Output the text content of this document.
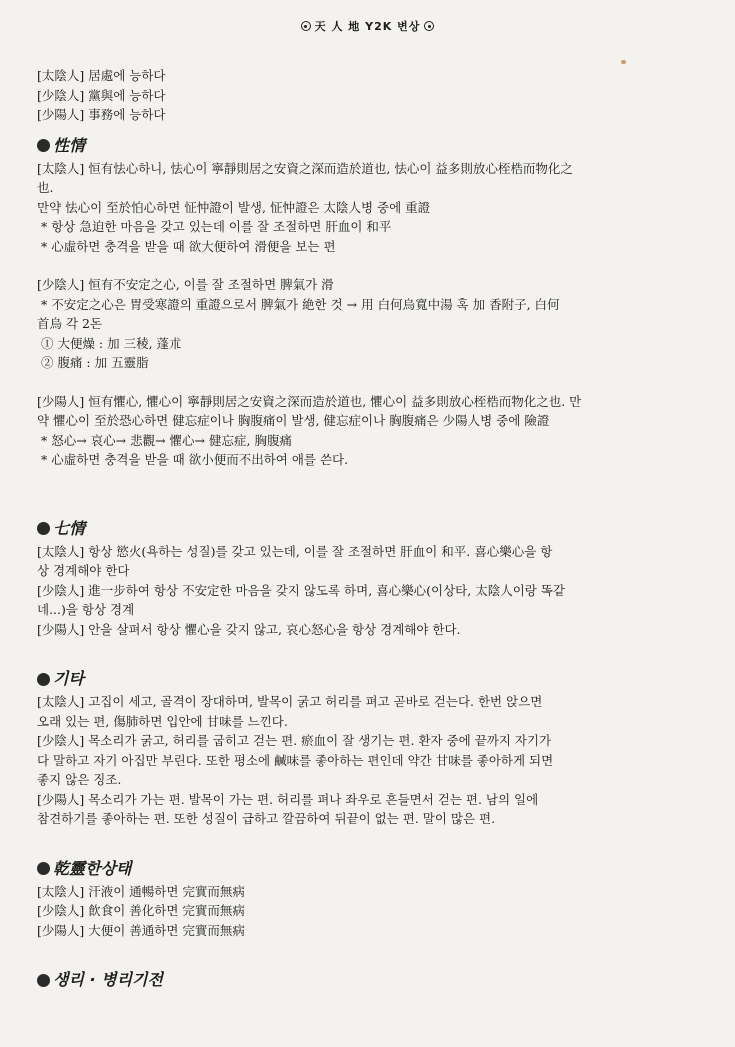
天 人 地 Y2K 변상
[太陰人] 居處에 능하다
[少陰人] 黨與에 능하다
[少陽人] 事務에 능하다
性情
[太陰人] 恒有怯心하니, 怯心이 寧靜則居之安資之深而造於道也, 怯心이 益多則放心桎梏而物化之
也.
만약 怯心이 至於怕心하면 怔忡證이 발생, 怔忡證은 太陰人병 중에 重證
* 항상 急迫한 마음을 갖고 있는데 이를 잘 조절하면 肝血이 和平
* 心虛하면 충격을 받을 때 欲大便하여 滑便을 보는 편
[少陰人] 恒有不安定之心, 이를 잘 조절하면 脾氣가 滑
* 不安定之心은 胃受寒證의 重證으로서 脾氣가 絶한 것 → 用 白何烏寬中湯 혹 加 香附子, 白何
首烏 각 2돈
① 大便燥 : 加 三稜, 蓬朮
② 腹痛 : 加 五靈脂
[少陽人] 恒有懼心, 懼心이 寧靜則居之安資之深而造於道也, 懼心이 益多則放心桎梏而物化之也. 만
약 懼心이 至於恐心하면 健忘症이나 胸腹痛이 발생, 健忘症이나 胸腹痛은 少陽人병 중에 險證
* 怒心→ 哀心→ 悲觀→ 懼心→ 健忘症, 胸腹痛
* 心虛하면 충격을 받을 때 欲小便而不出하여 애를 쓴다.
七情
[太陰人] 항상 慾火(욕하는 성질)를 갖고 있는데, 이를 잘 조절하면 肝血이 和平. 喜心樂心을 항
상 경계해야 한다
[少陰人] 進一步하여 항상 不安定한 마음을 갖지 않도록 하며, 喜心樂心(이상타, 太陰人이랑 똑같
네...)을 항상 경계
[少陽人] 안을 살펴서 항상 懼心을 갖지 않고, 哀心怒心을 항상 경계해야 한다.
기타
[太陰人] 고집이 세고, 골격이 장대하며, 발목이 굵고 허리를 펴고 곧바로 걷는다. 한번 앉으면
오래 있는 편, 傷肺하면 입안에 甘味를 느낀다.
[少陰人] 목소리가 굵고, 허리를 굽히고 걷는 편. 瘀血이 잘 생기는 편. 환자 중에 끝까지 자기가
다 말하고 자기 아집만 부린다. 또한 평소에 鹹味를 좋아하는 편인데 약간 甘味를 좋아하게 되면
좋지 않은 징조.
[少陽人] 목소리가 가는 편. 발목이 가는 편. 허리를 펴나 좌우로 흔들면서 걷는 편. 남의 일에
참견하기를 좋아하는 편. 또한 성질이 급하고 깔끔하여 뒤끝이 없는 편. 말이 많은 편.
乾靈한상태
[太陰人] 汗液이 通暢하면 完實而無病
[少陰人] 飮食이 善化하면 完實而無病
[少陽人] 大便이 善通하면 完實而無病
생리 · 병리기전
